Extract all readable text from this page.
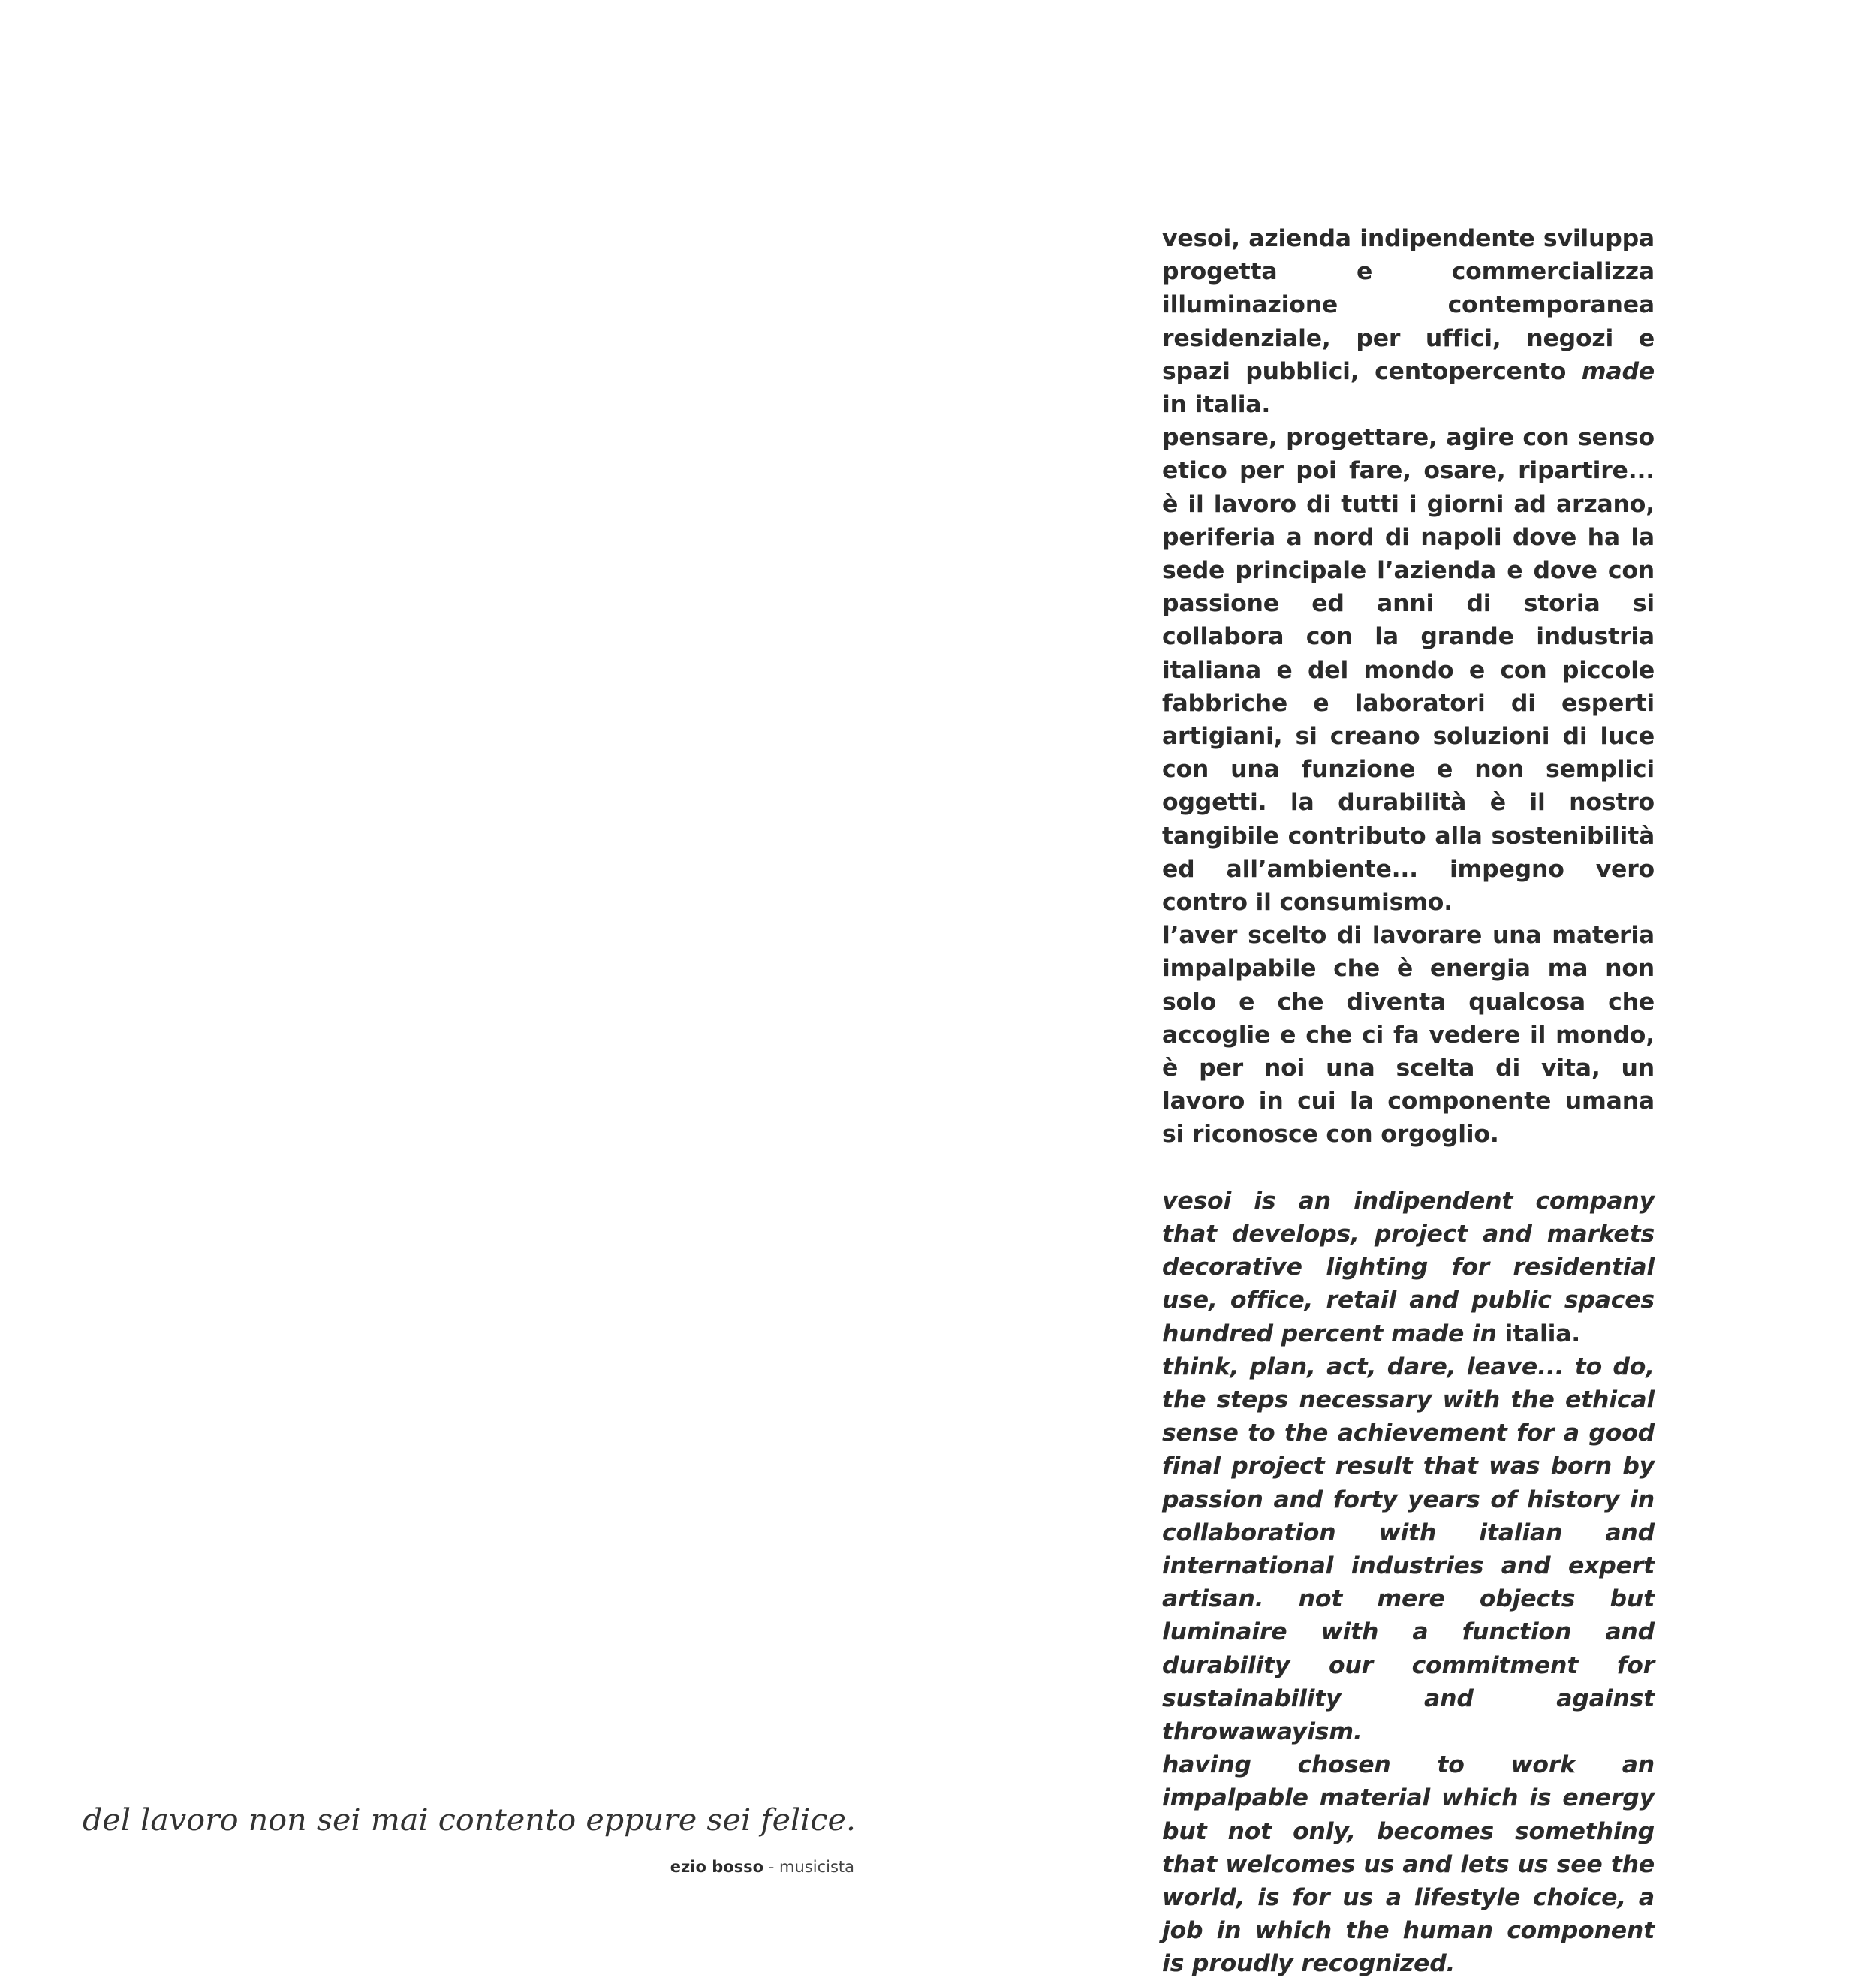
vesoi, azienda indipendente sviluppa progetta e commercializza illuminazione contemporanea residenziale, per uffici, negozi e spazi pubblici, centopercento made in italia.

pensare, progettare, agire con senso etico per poi fare, osare, ripartire... è il lavoro di tutti i giorni ad arzano, periferia a nord di napoli dove ha la sede principale l’azienda e dove con passione ed anni di storia si collabora con la grande industria italiana e del mondo e con piccole fabbriche e laboratori di esperti artigiani, si creano soluzioni di luce con una funzione e non semplici oggetti. la durabilità è il nostro tangibile contributo alla sostenibilità ed all’ambiente... impegno vero contro il consumismo.

l’aver scelto di lavorare una materia impalpabile che è energia ma non solo e che diventa qualcosa che accoglie e che ci fa vedere il mondo, è per noi una scelta di vita, un lavoro in cui la componente umana si riconosce con orgoglio.

vesoi is an indipendent company that develops, project and markets decorative lighting for residential use, office, retail and public spaces hundred percent made in italia.

think, plan, act, dare, leave... to do, the steps necessary with the ethical sense to the achievement for a good final project result that was born by passion and forty years of history in collaboration with italian and international industries and expert artisan. not mere objects but luminaire with a function and durability our commitment for sustainability and against throwawayism.

having chosen to work an impalpable material which is energy but not only, becomes something that welcomes us and lets us see the world, is for us a lifestyle choice, a job in which the human component is proudly recognized.

del lavoro non sei mai contento eppure sei felice.
ezio bosso - musicista
